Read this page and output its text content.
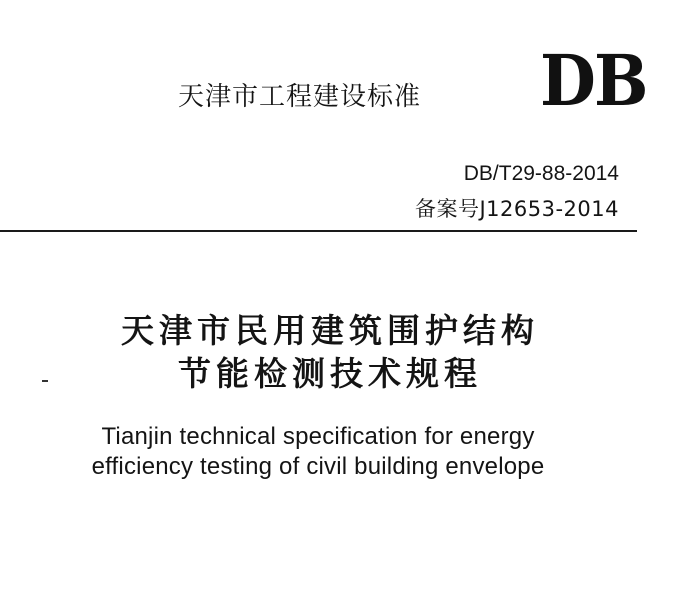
天津市工程建设标准 DB
DB/T29-88-2014
备案号J12653-2014
天津市民用建筑围护结构
节能检测技术规程
Tianjin technical specification for energy
efficiency testing of civil building envelope
